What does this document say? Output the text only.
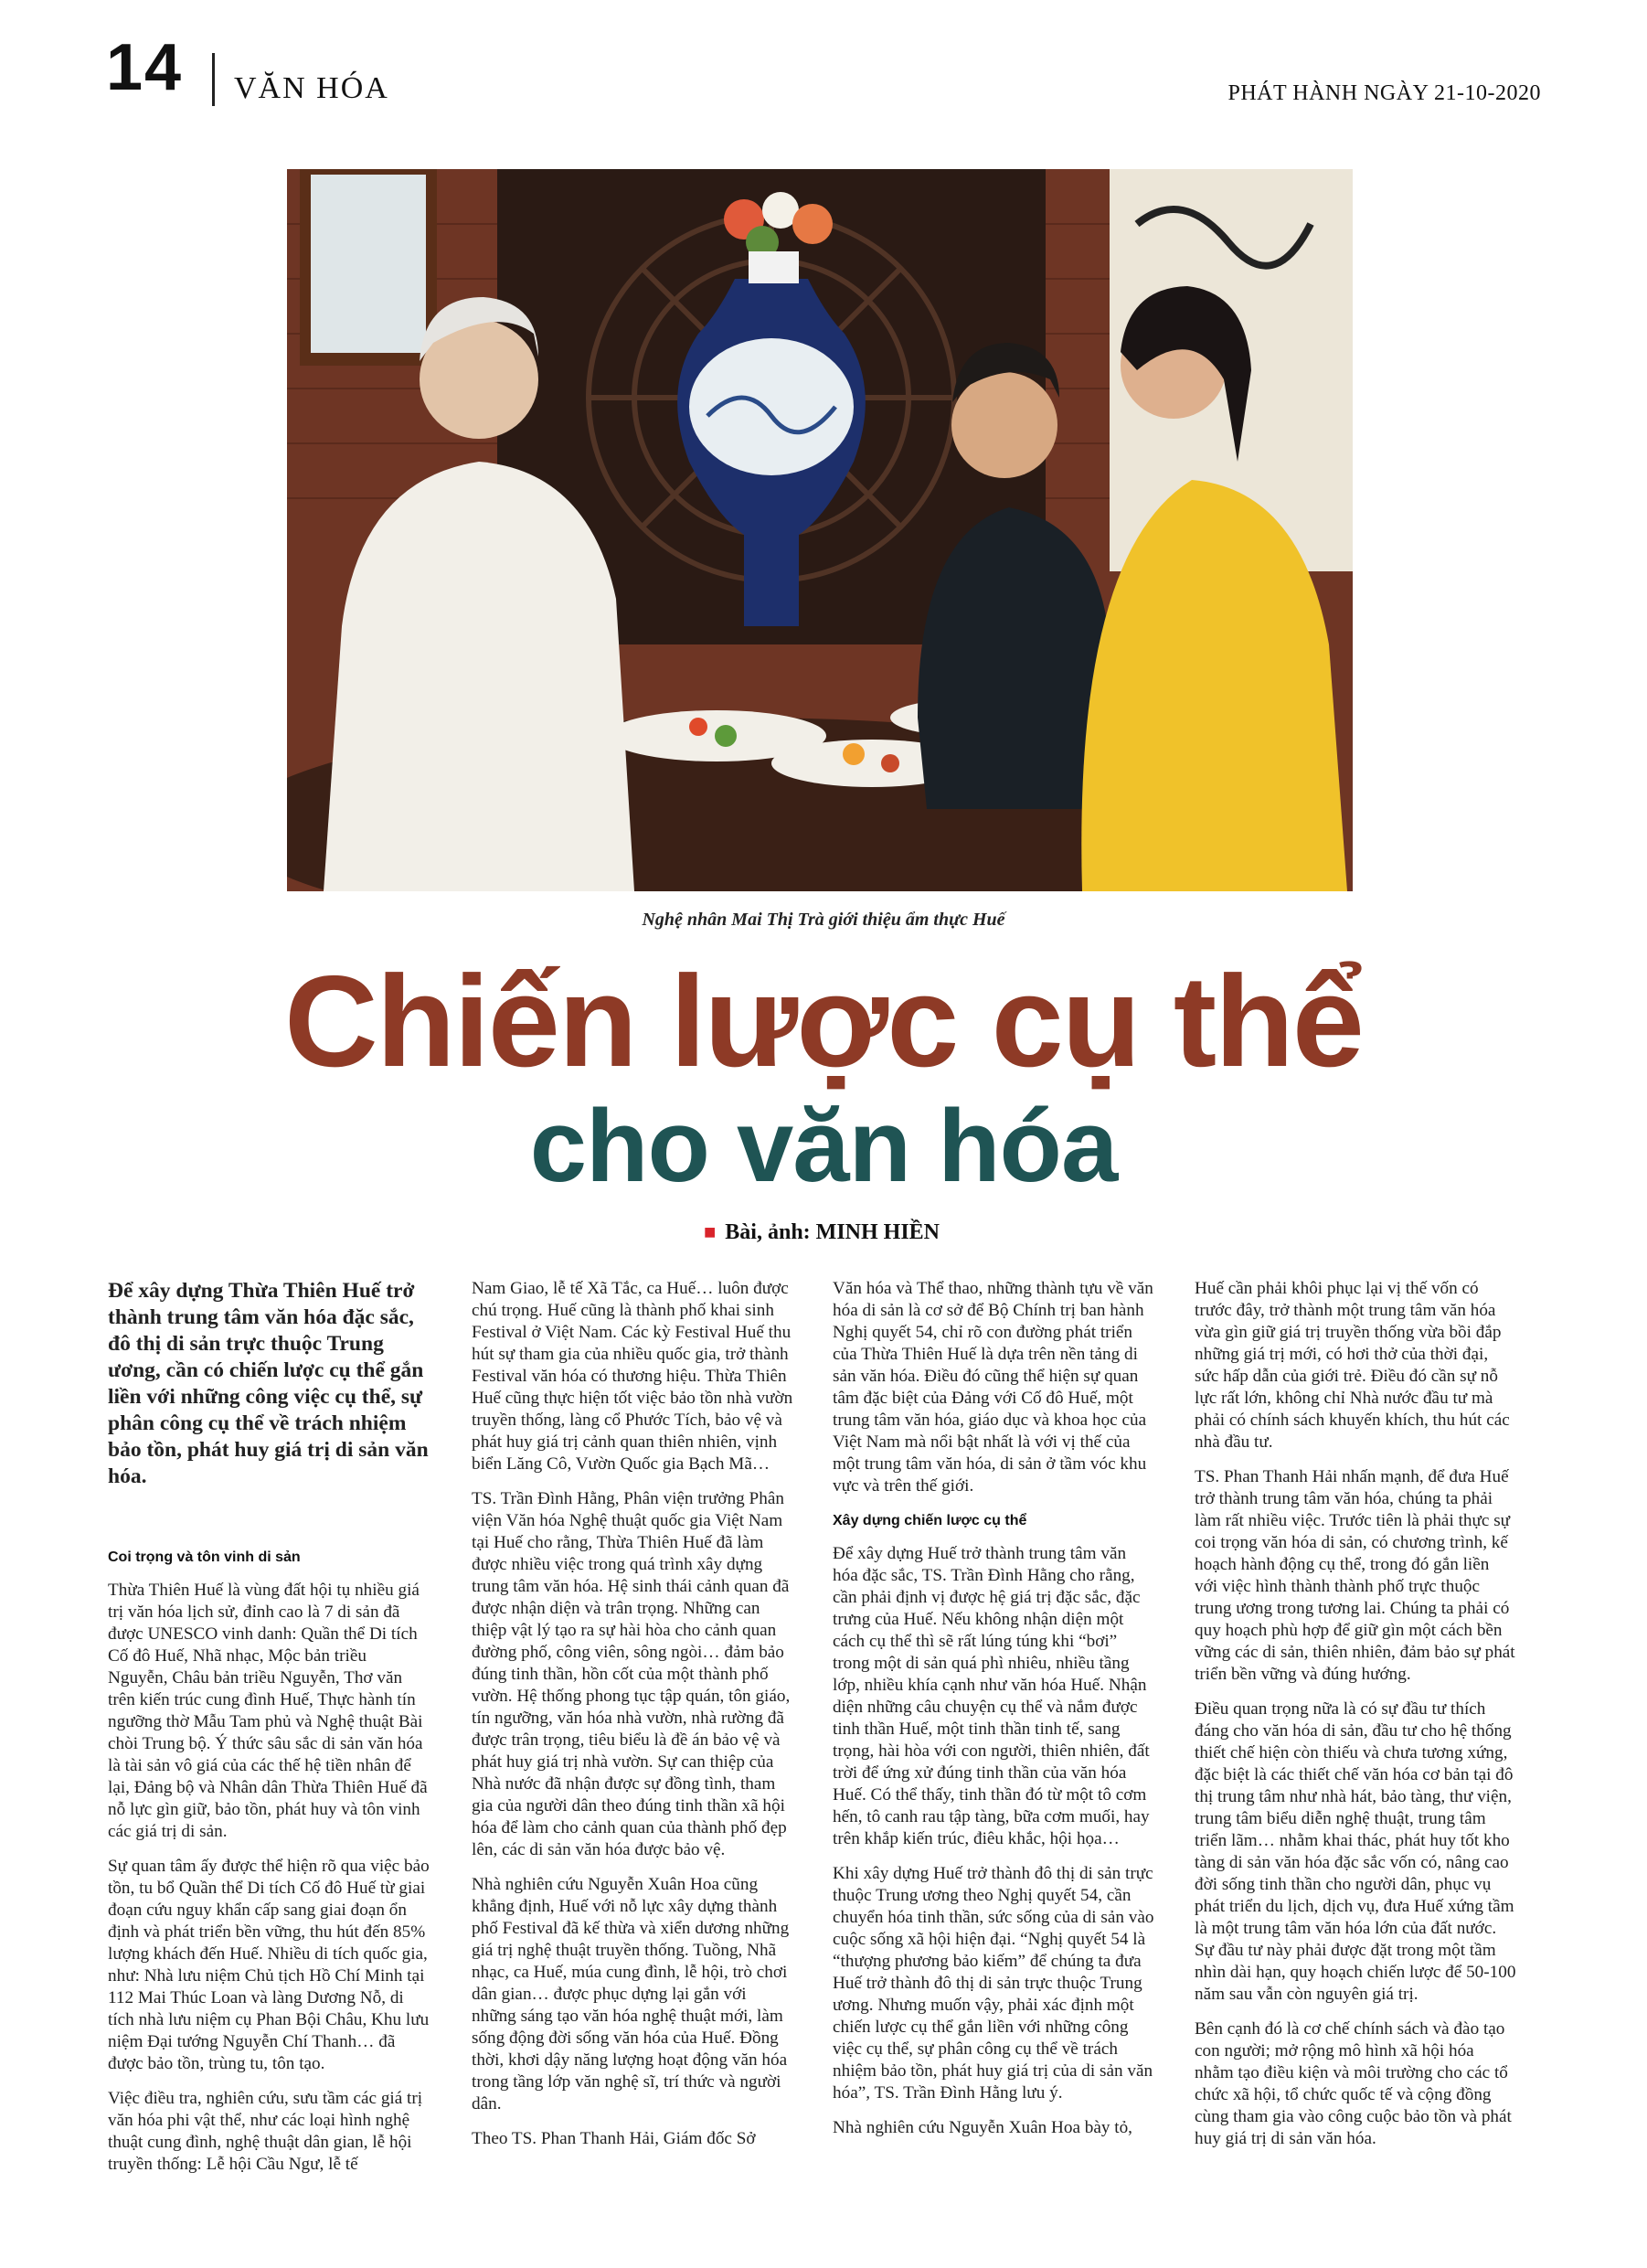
14 VĂN HÓA	PHÁT HÀNH NGÀY 21-10-2020
Nghệ nhân Mai Thị Trà giới thiệu ẩm thực Huế
Chiến lược cụ thể
cho văn hóa
■ Bài, ảnh: MINH HIỀN

Để xây dựng Thừa Thiên Huế trở thành trung tâm văn hóa đặc sắc, đô thị di sản trực thuộc Trung ương, cần có chiến lược cụ thể gắn liền với những công việc cụ thể, sự phân công cụ thể về trách nhiệm bảo tồn, phát huy giá trị di sản văn hóa.

Coi trọng và tôn vinh di sản

Thừa Thiên Huế là vùng đất hội tụ nhiều giá trị văn hóa lịch sử, đỉnh cao là 7 di sản đã được UNESCO vinh danh: Quần thể Di tích Cố đô Huế, Nhã nhạc, Mộc bản triều Nguyễn, Châu bản triều Nguyễn, Thơ văn trên kiến trúc cung đình Huế, Thực hành tín ngưỡng thờ Mẫu Tam phủ và Nghệ thuật Bài chòi Trung bộ. Ý thức sâu sắc di sản văn hóa là tài sản vô giá của các thế hệ tiền nhân để lại, Đảng bộ và Nhân dân Thừa Thiên Huế đã nỗ lực gìn giữ, bảo tồn, phát huy và tôn vinh các giá trị di sản.

Sự quan tâm ấy được thể hiện rõ qua việc bảo tồn, tu bổ Quần thể Di tích Cố đô Huế từ giai đoạn cứu nguy khẩn cấp sang giai đoạn ổn định và phát triển bền vững, thu hút đến 85% lượng khách đến Huế. Nhiều di tích quốc gia, như: Nhà lưu niệm Chủ tịch Hồ Chí Minh tại 112 Mai Thúc Loan và làng Dương Nỗ, di tích nhà lưu niệm cụ Phan Bội Châu, Khu lưu niệm Đại tướng Nguyễn Chí Thanh… đã được bảo tồn, trùng tu, tôn tạo.

Việc điều tra, nghiên cứu, sưu tầm các giá trị văn hóa phi vật thể, như các loại hình nghệ thuật cung đình, nghệ thuật dân gian, lễ hội truyền thống: Lễ hội Cầu Ngư, lễ tế

Nam Giao, lễ tế Xã Tắc, ca Huế… luôn được chú trọng. Huế cũng là thành phố khai sinh Festival ở Việt Nam. Các kỳ Festival Huế thu hút sự tham gia của nhiều quốc gia, trở thành Festival văn hóa có thương hiệu. Thừa Thiên Huế cũng thực hiện tốt việc bảo tồn nhà vườn truyền thống, làng cổ Phước Tích, bảo vệ và phát huy giá trị cảnh quan thiên nhiên, vịnh biển Lăng Cô, Vườn Quốc gia Bạch Mã…

TS. Trần Đình Hằng, Phân viện trưởng Phân viện Văn hóa Nghệ thuật quốc gia Việt Nam tại Huế cho rằng, Thừa Thiên Huế đã làm được nhiều việc trong quá trình xây dựng trung tâm văn hóa. Hệ sinh thái cảnh quan đã được nhận diện và trân trọng. Những can thiệp vật lý tạo ra sự hài hòa cho cảnh quan đường phố, công viên, sông ngòi… đảm bảo đúng tinh thần, hồn cốt của một thành phố vườn. Hệ thống phong tục tập quán, tôn giáo, tín ngưỡng, văn hóa nhà vườn, nhà rường đã được trân trọng, tiêu biểu là đề án bảo vệ và phát huy giá trị nhà vườn. Sự can thiệp của Nhà nước đã nhận được sự đồng tình, tham gia của người dân theo đúng tinh thần xã hội hóa để làm cho cảnh quan của thành phố đẹp lên, các di sản văn hóa được bảo vệ.

Nhà nghiên cứu Nguyễn Xuân Hoa cũng khẳng định, Huế với nỗ lực xây dựng thành phố Festival đã kế thừa và xiển dương những giá trị nghệ thuật truyền thống. Tuồng, Nhã nhạc, ca Huế, múa cung đình, lễ hội, trò chơi dân gian… được phục dựng lại gắn với những sáng tạo văn hóa nghệ thuật mới, làm sống động đời sống văn hóa của Huế. Đồng thời, khơi dậy năng lượng hoạt động văn hóa trong tầng lớp văn nghệ sĩ, trí thức và người dân.

Theo TS. Phan Thanh Hải, Giám đốc Sở

Văn hóa và Thể thao, những thành tựu về văn hóa di sản là cơ sở để Bộ Chính trị ban hành Nghị quyết 54, chỉ rõ con đường phát triển của Thừa Thiên Huế là dựa trên nền tảng di sản văn hóa. Điều đó cũng thể hiện sự quan tâm đặc biệt của Đảng với Cố đô Huế, một trung tâm văn hóa, giáo dục và khoa học của Việt Nam mà nổi bật nhất là với vị thế của một trung tâm văn hóa, di sản ở tầm vóc khu vực và trên thế giới.

Xây dựng chiến lược cụ thể

Để xây dựng Huế trở thành trung tâm văn hóa đặc sắc, TS. Trần Đình Hằng cho rằng, cần phải định vị được hệ giá trị đặc sắc, đặc trưng của Huế. Nếu không nhận diện một cách cụ thể thì sẽ rất lúng túng khi “bơi” trong một di sản quá phì nhiêu, nhiều tầng lớp, nhiều khía cạnh như văn hóa Huế. Nhận diện những câu chuyện cụ thể và nắm được tinh thần Huế, một tinh thần tinh tế, sang trọng, hài hòa với con người, thiên nhiên, đất trời để ứng xử đúng tinh thần của văn hóa Huế. Có thể thấy, tinh thần đó từ một tô cơm hến, tô canh rau tập tàng, bữa cơm muối, hay trên khắp kiến trúc, điêu khắc, hội họa…

Khi xây dựng Huế trở thành đô thị di sản trực thuộc Trung ương theo Nghị quyết 54, cần chuyển hóa tinh thần, sức sống của di sản vào cuộc sống xã hội hiện đại. “Nghị quyết 54 là “thượng phương bảo kiếm” để chúng ta đưa Huế trở thành đô thị di sản trực thuộc Trung ương. Nhưng muốn vậy, phải xác định một chiến lược cụ thể gắn liền với những công việc cụ thể, sự phân công cụ thể về trách nhiệm bảo tồn, phát huy giá trị của di sản văn hóa”, TS. Trần Đình Hằng lưu ý.

Nhà nghiên cứu Nguyễn Xuân Hoa bày tỏ,

Huế cần phải khôi phục lại vị thế vốn có trước đây, trở thành một trung tâm văn hóa vừa gìn giữ giá trị truyền thống vừa bồi đắp những giá trị mới, có hơi thở của thời đại, sức hấp dẫn của giới trẻ. Điều đó cần sự nỗ lực rất lớn, không chỉ Nhà nước đầu tư mà phải có chính sách khuyến khích, thu hút các nhà đầu tư.

TS. Phan Thanh Hải nhấn mạnh, để đưa Huế trở thành trung tâm văn hóa, chúng ta phải làm rất nhiều việc. Trước tiên là phải thực sự coi trọng văn hóa di sản, có chương trình, kế hoạch hành động cụ thể, trong đó gắn liền với việc hình thành thành phố trực thuộc trung ương trong tương lai. Chúng ta phải có quy hoạch phù hợp để giữ gìn một cách bền vững các di sản, thiên nhiên, đảm bảo sự phát triển bền vững và đúng hướng.

Điều quan trọng nữa là có sự đầu tư thích đáng cho văn hóa di sản, đầu tư cho hệ thống thiết chế hiện còn thiếu và chưa tương xứng, đặc biệt là các thiết chế văn hóa cơ bản tại đô thị trung tâm như nhà hát, bảo tàng, thư viện, trung tâm biểu diễn nghệ thuật, trung tâm triển lãm… nhằm khai thác, phát huy tốt kho tàng di sản văn hóa đặc sắc vốn có, nâng cao đời sống tinh thần cho người dân, phục vụ phát triển du lịch, dịch vụ, đưa Huế xứng tầm là một trung tâm văn hóa lớn của đất nước. Sự đầu tư này phải được đặt trong một tầm nhìn dài hạn, quy hoạch chiến lược để 50-100 năm sau vẫn còn nguyên giá trị.

Bên cạnh đó là cơ chế chính sách và đào tạo con người; mở rộng mô hình xã hội hóa nhằm tạo điều kiện và môi trường cho các tổ chức xã hội, tổ chức quốc tế và cộng đồng cùng tham gia vào công cuộc bảo tồn và phát huy giá trị di sản văn hóa.
